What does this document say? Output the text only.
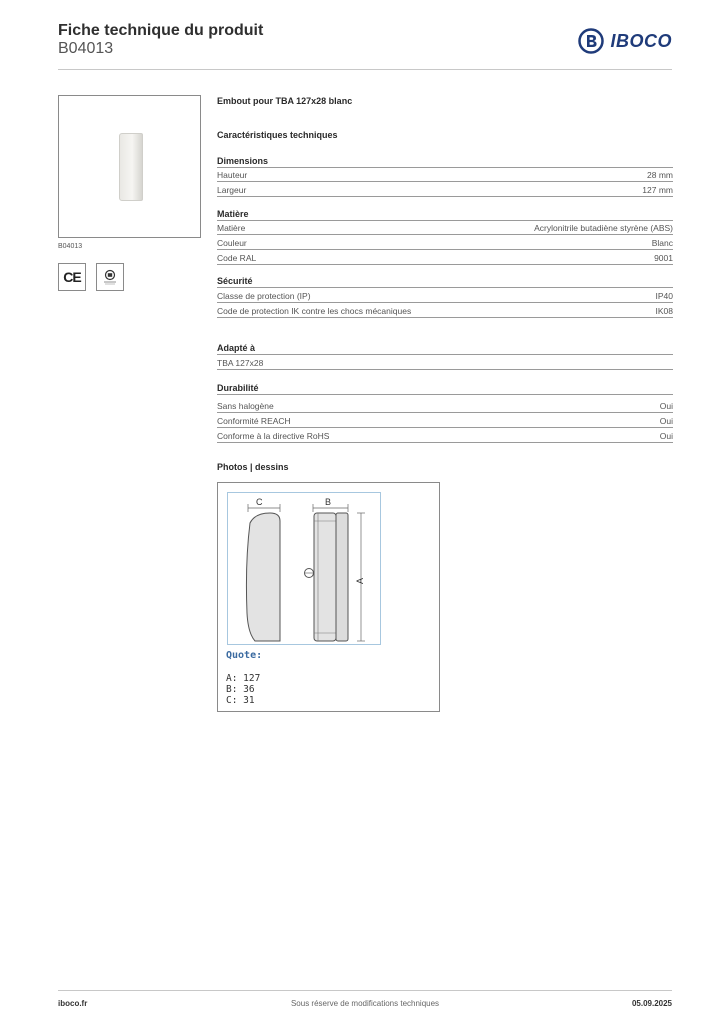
Fiche technique du produit
B04013	IBOCO
B04013
CE
Embout pour TBA 127x28 blanc
Caractéristiques techniques
Dimensions
Hauteur	28 mm
Largeur	127 mm
Matière
Matière	Acrylonitrile butadiène styrène (ABS)
Couleur	Blanc
Code RAL	9001
Sécurité
Classe de protection (IP)	IP40
Code de protection IK contre les chocs mécaniques	IK08
Adapté à
TBA 127x28
Durabilité
Sans halogène	Oui
Conformité REACH	Oui
Conforme à la directive RoHS	Oui
Photos | dessins
C	B
A
Quote:
A: 127
B: 36
C: 31
iboco.fr	Sous réserve de modifications techniques	05.09.2025
